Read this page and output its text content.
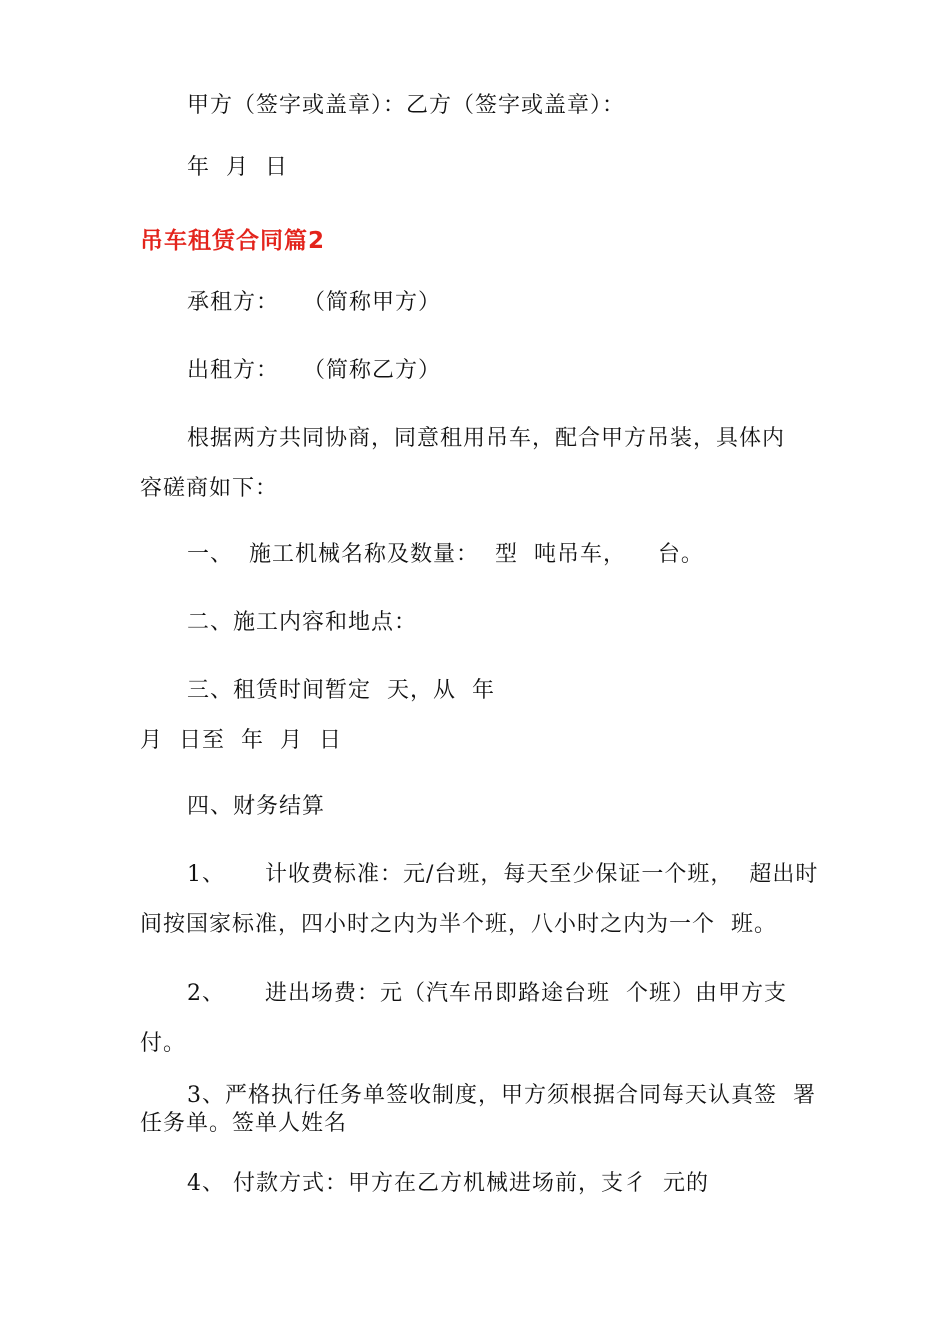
甲方（签字或盖章）：乙方（签字或盖章）：
年  月  日
吊车租赁合同篇2
承租方：   （简称甲方）
出租方：   （简称乙方）
根据两方共同协商，同意租用吊车，配合甲方吊装，具体内
容磋商如下：
一、  施工机械名称及数量：  型  吨吊车，    台。
二、施工内容和地点：
三、租赁时间暂定  天，从  年
月  日至  年  月  日
四、财务结算
1、     计收费标准：元/台班，每天至少保证一个班，  超出时
间按国家标准，四小时之内为半个班，八小时之内为一个  班。
2、     进出场费：元（汽车吊即路途台班  个班）由甲方支
付。
3、严格执行任务单签收制度，甲方须根据合同每天认真签  署
任务单。签单人姓名
4、 付款方式：甲方在乙方机械进场前，支彳  元的
